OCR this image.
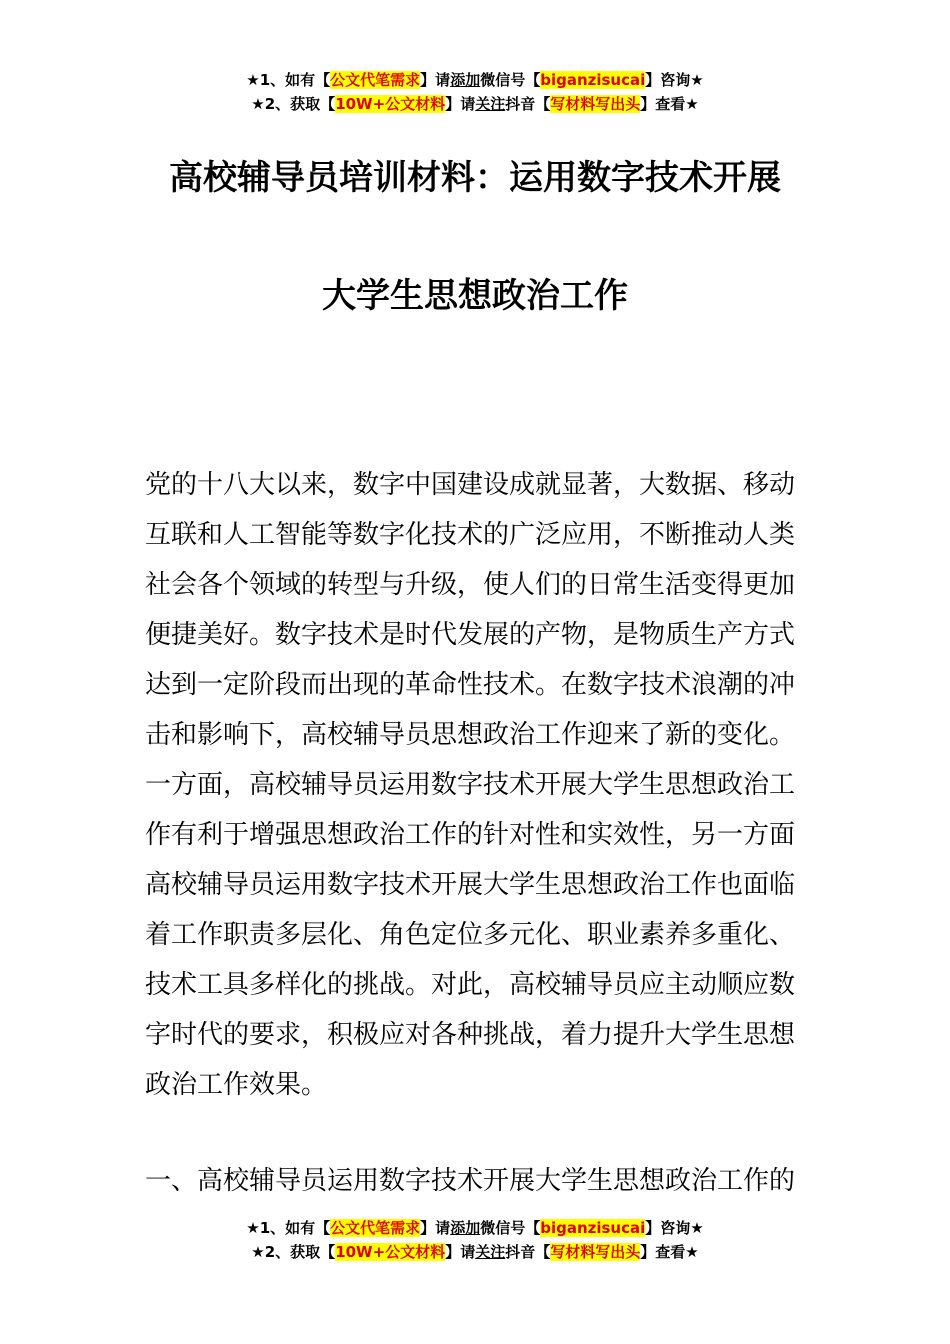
★1、如有【公文代笔需求】请添加微信号【biganzisucai】咨询★
★2、获取【10W+公文材料】请关注抖音【写材料写出头】查看★
高校辅导员培训材料：运用数字技术开展
大学生思想政治工作
党的十八大以来，数字中国建设成就显著，大数据、移动
互联和人工智能等数字化技术的广泛应用，不断推动人类
社会各个领域的转型与升级，使人们的日常生活变得更加
便捷美好。数字技术是时代发展的产物，是物质生产方式
达到一定阶段而出现的革命性技术。在数字技术浪潮的冲
击和影响下，高校辅导员思想政治工作迎来了新的变化。
一方面，高校辅导员运用数字技术开展大学生思想政治工
作有利于增强思想政治工作的针对性和实效性，另一方面
高校辅导员运用数字技术开展大学生思想政治工作也面临
着工作职责多层化、角色定位多元化、职业素养多重化、
技术工具多样化的挑战。对此，高校辅导员应主动顺应数
字时代的要求，积极应对各种挑战，着力提升大学生思想
政治工作效果。
一、高校辅导员运用数字技术开展大学生思想政治工作的
★1、如有【公文代笔需求】请添加微信号【biganzisucai】咨询★
★2、获取【10W+公文材料】请关注抖音【写材料写出头】查看★
